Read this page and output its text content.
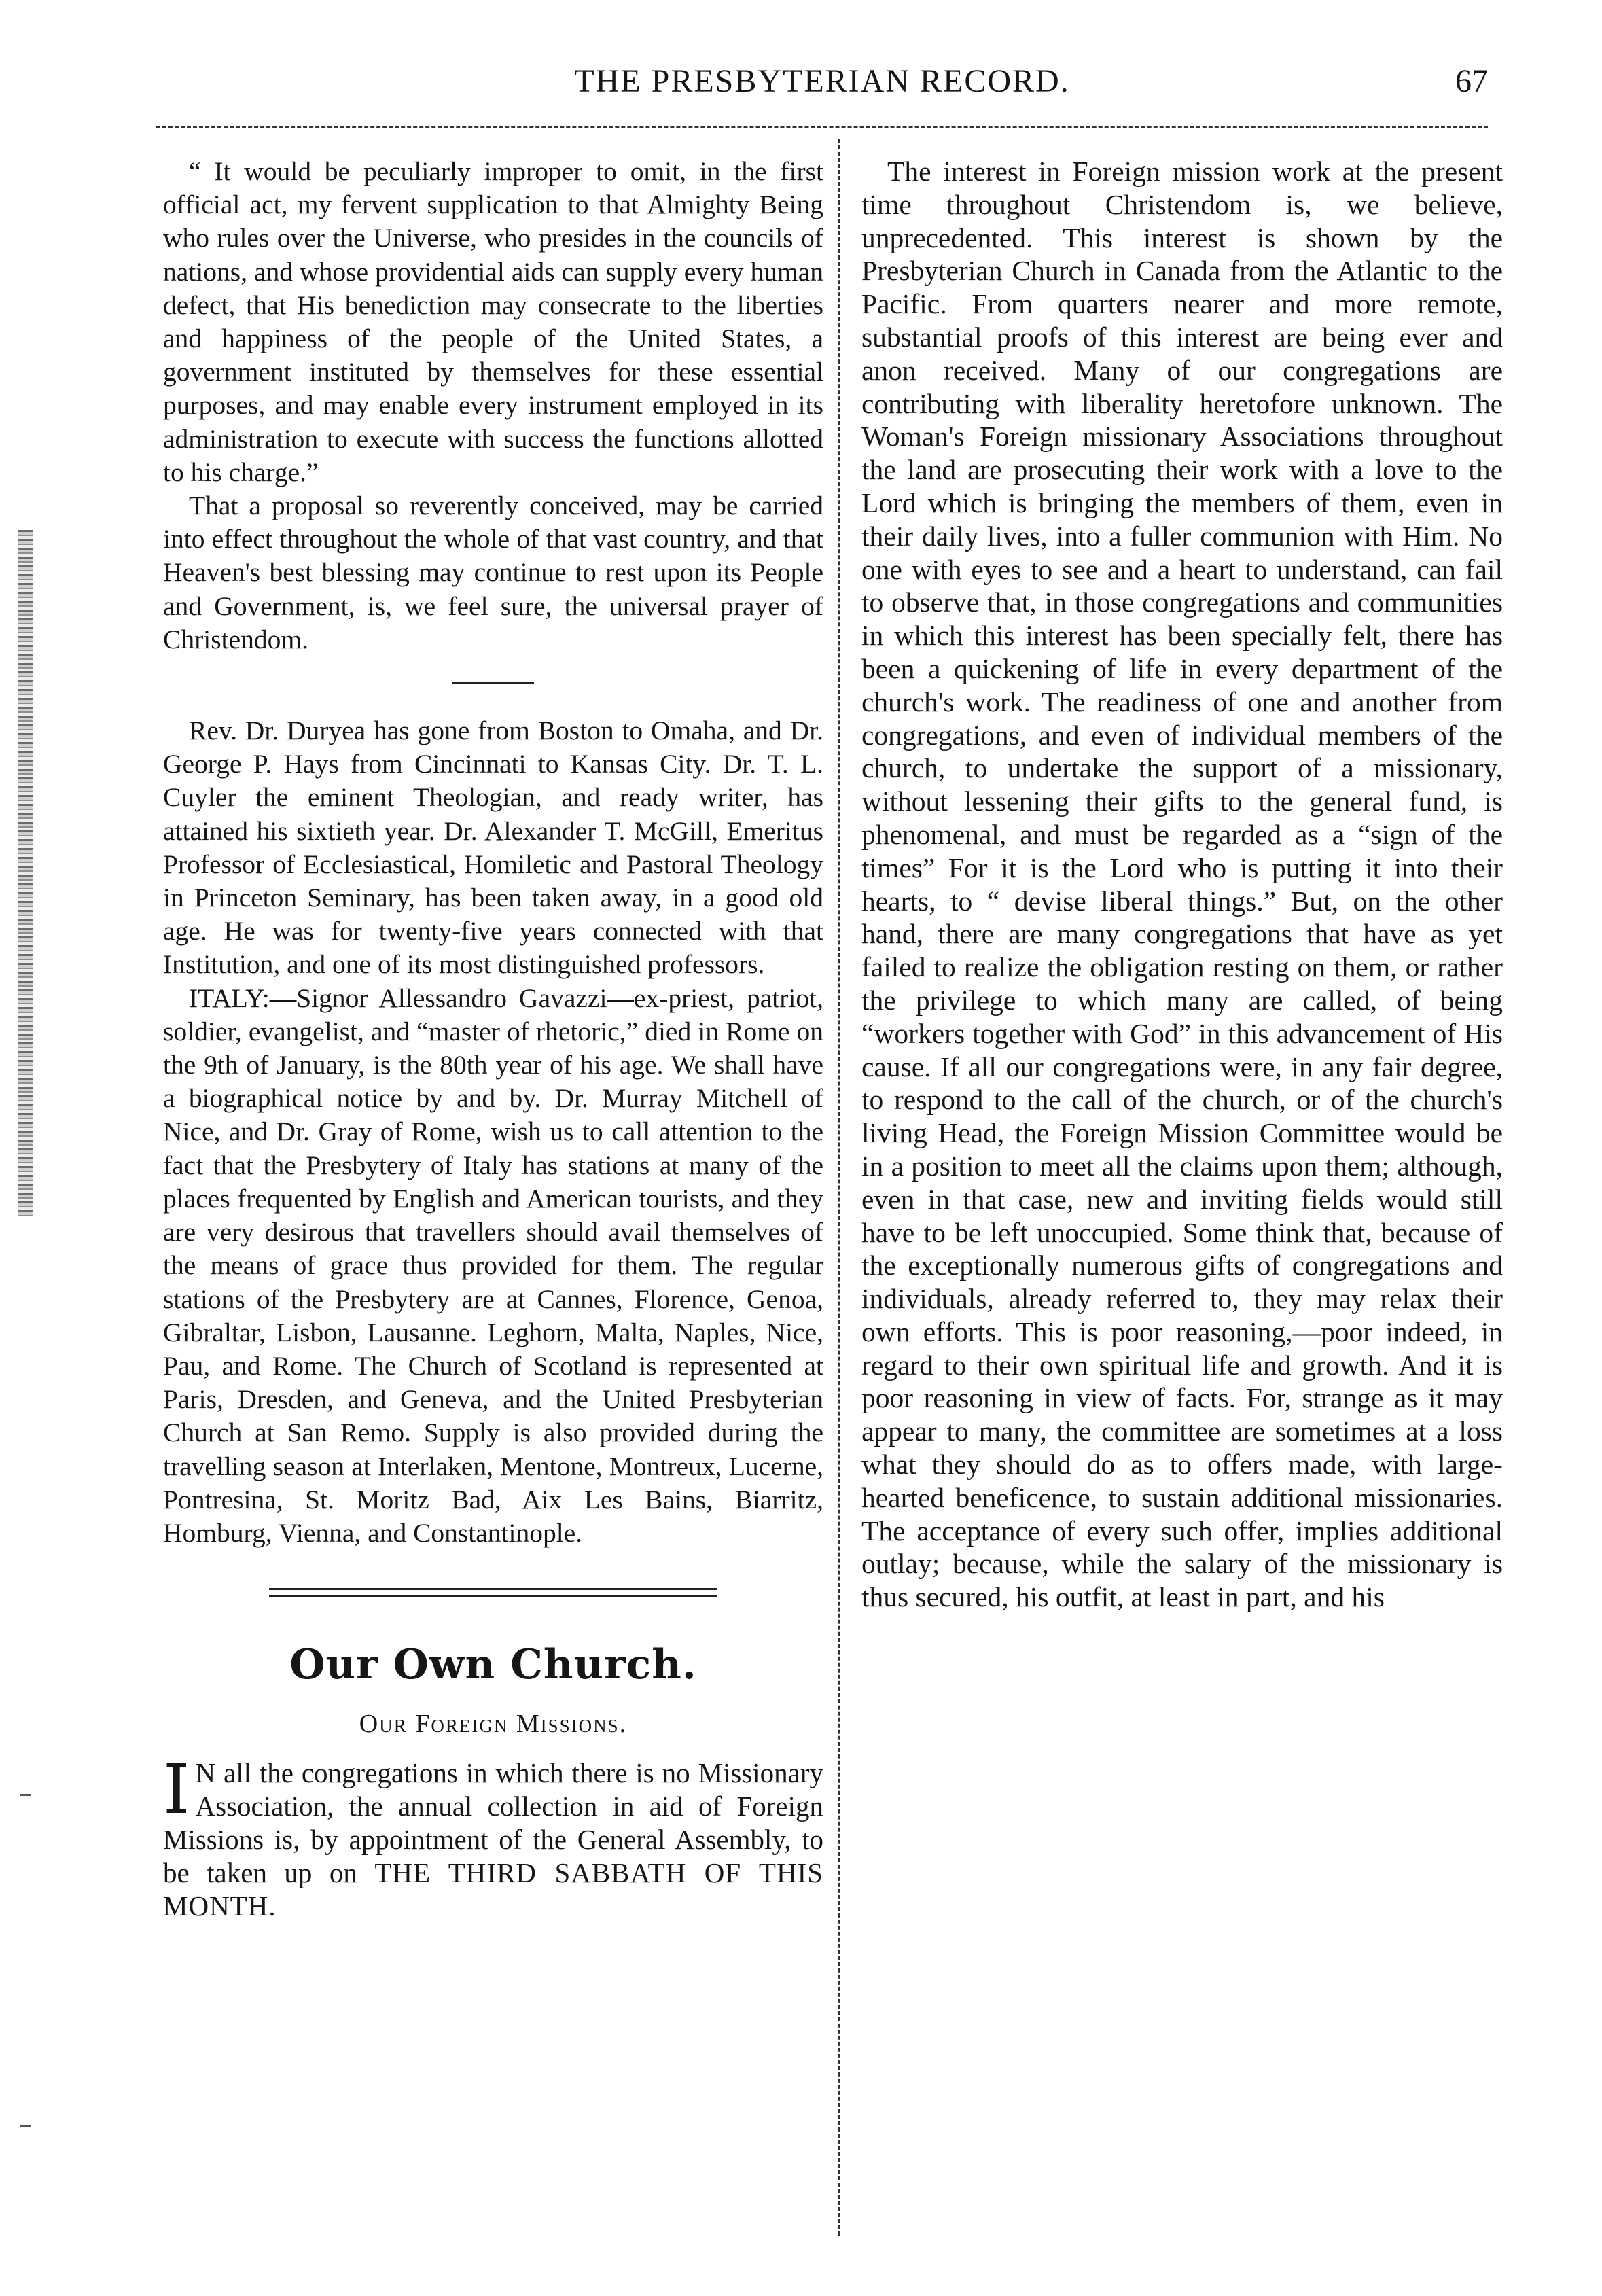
THE PRESBYTERIAN RECORD.	67

“ It would be peculiarly improper to omit, in the first official act, my fervent supplication to that Almighty Being who rules over the Universe, who presides in the councils of nations, and whose providential aids can supply every human defect, that His benediction may consecrate to the liberties and happiness of the people of the United States, a government instituted by themselves for these essential purposes, and may enable every instrument employed in its administration to execute with success the functions allotted to his charge.”

That a proposal so reverently conceived, may be carried into effect throughout the whole of that vast country, and that Heaven's best blessing may continue to rest upon its People and Government, is, we feel sure, the universal prayer of Christendom.

Rev. Dr. Duryea has gone from Boston to Omaha, and Dr. George P. Hays from Cincinnati to Kansas City. Dr. T. L. Cuyler the eminent Theologian, and ready writer, has attained his sixtieth year. Dr. Alexander T. McGill, Emeritus Professor of Ecclesiastical, Homiletic and Pastoral Theology in Princeton Seminary, has been taken away, in a good old age. He was for twenty-five years connected with that Institution, and one of its most distinguished professors.

ITALY:—Signor Allessandro Gavazzi—ex-priest, patriot, soldier, evangelist, and “master of rhetoric,” died in Rome on the 9th of January, is the 80th year of his age. We shall have a biographical notice by and by. Dr. Murray Mitchell of Nice, and Dr. Gray of Rome, wish us to call attention to the fact that the Presbytery of Italy has stations at many of the places frequented by English and American tourists, and they are very desirous that travellers should avail themselves of the means of grace thus provided for them. The regular stations of the Presbytery are at Cannes, Florence, Genoa, Gibraltar, Lisbon, Lausanne. Leghorn, Malta, Naples, Nice, Pau, and Rome. The Church of Scotland is represented at Paris, Dresden, and Geneva, and the United Presbyterian Church at San Remo. Supply is also provided during the travelling season at Interlaken, Mentone, Montreux, Lucerne, Pontresina, St. Moritz Bad, Aix Les Bains, Biarritz, Homburg, Vienna, and Constantinople.

Our Own Church.
Our Foreign Missions.

I N all the congregations in which there is no Missionary Association, the annual collection in aid of Foreign Missions is, by appointment of the General Assembly, to be taken up on THE THIRD SABBATH OF THIS MONTH.

The interest in Foreign mission work at the present time throughout Christendom is, we believe, unprecedented. This interest is shown by the Presbyterian Church in Canada from the Atlantic to the Pacific. From quarters nearer and more remote, substantial proofs of this interest are being ever and anon received. Many of our congregations are contributing with liberality heretofore unknown. The Woman's Foreign missionary Associations throughout the land are prosecuting their work with a love to the Lord which is bringing the members of them, even in their daily lives, into a fuller communion with Him. No one with eyes to see and a heart to understand, can fail to observe that, in those congregations and communities in which this interest has been specially felt, there has been a quickening of life in every department of the church's work. The readiness of one and another from congregations, and even of individual members of the church, to undertake the support of a missionary, without lessening their gifts to the general fund, is phenomenal, and must be regarded as a “sign of the times” For it is the Lord who is putting it into their hearts, to “ devise liberal things.” But, on the other hand, there are many congregations that have as yet failed to realize the obligation resting on them, or rather the privilege to which many are called, of being “workers together with God” in this advancement of His cause. If all our congregations were, in any fair degree, to respond to the call of the church, or of the church's living Head, the Foreign Mission Committee would be in a position to meet all the claims upon them; although, even in that case, new and inviting fields would still have to be left unoccupied. Some think that, because of the exceptionally numerous gifts of congregations and individuals, already referred to, they may relax their own efforts. This is poor reasoning,—poor indeed, in regard to their own spiritual life and growth. And it is poor reasoning in view of facts. For, strange as it may appear to many, the committee are sometimes at a loss what they should do as to offers made, with large-hearted beneficence, to sustain additional missionaries. The acceptance of every such offer, implies additional outlay; because, while the salary of the missionary is thus secured, his outfit, at least in part, and his
